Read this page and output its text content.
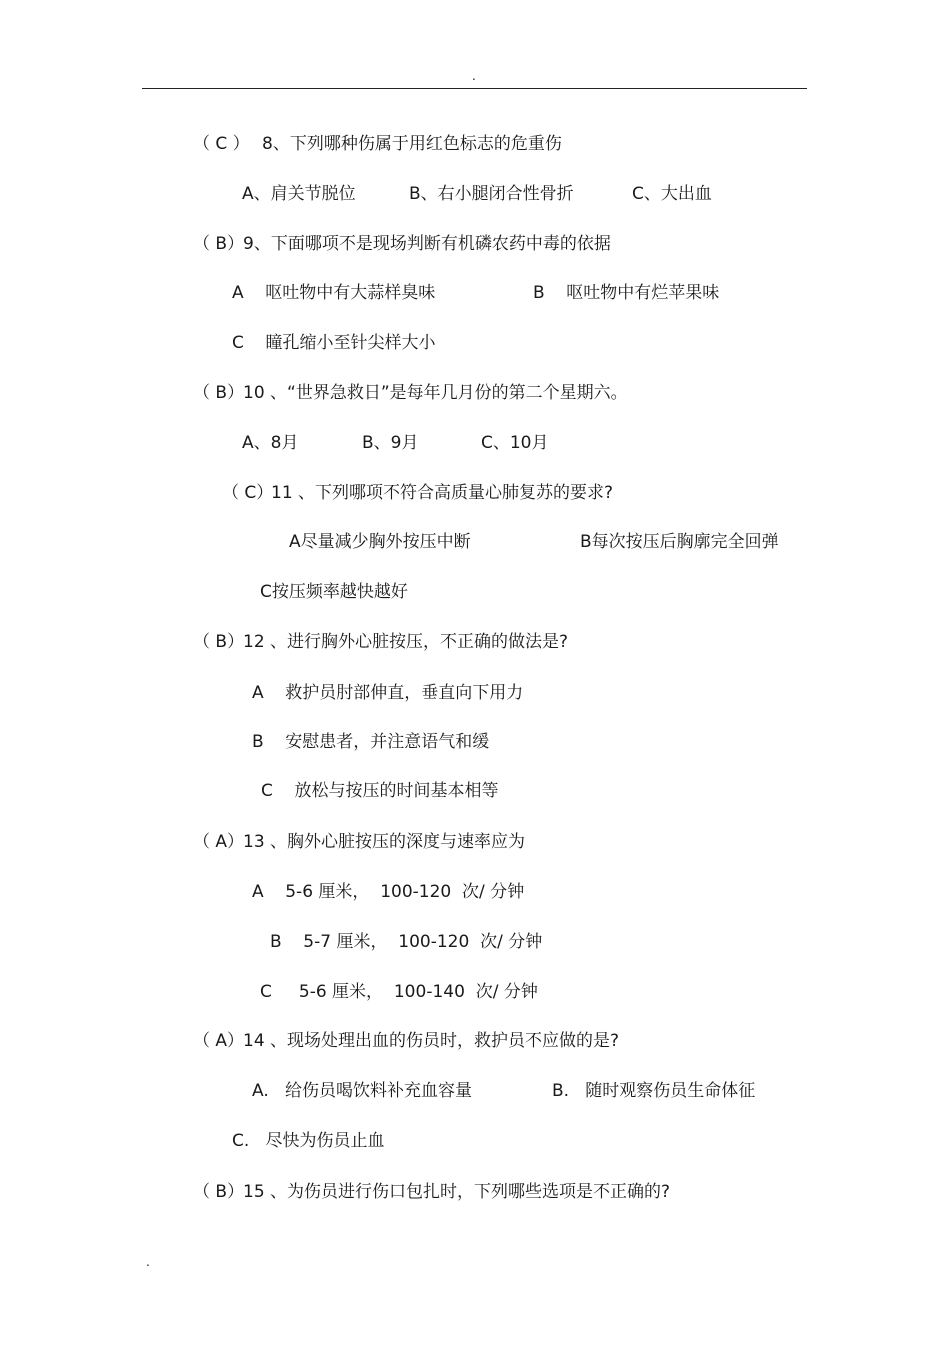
.
（ C ） 8、下列哪种伤属于用红色标志的危重伤
A、肩关节脱位	B、右小腿闭合性骨折	C、大出血
（ B）
9、下面哪项不是现场判断有机磷农药中毒的依据
A    呕吐物中有大蒜样臭味	B    呕吐物中有烂苹果味
C    瞳孔缩小至针尖样大小
（ B）
10 、“世界急救日”是每年几月份的第二个星期六。
A、8月	B、9月	C、10月
（ C）
11 、下列哪项不符合高质量心肺复苏的要求?
A尽量减少胸外按压中断	B每次按压后胸廓完全回弹
C按压频率越快越好
（ B）
12 、进行胸外心脏按压，不正确的做法是?
A    救护员肘部伸直，垂直向下用力
B    安慰患者，并注意语气和缓
C    放松与按压的时间基本相等
（ A）
13 、胸外心脏按压的深度与速率应为
A    5-6 厘米，  100-120  次/ 分钟
B    5-7 厘米，  100-120  次/ 分钟
C     5-6 厘米，  100-140  次/ 分钟
（ A）
14 、现场处理出血的伤员时，救护员不应做的是?
A.   给伤员喝饮料补充血容量	B.   随时观察伤员生命体征
C.   尽快为伤员止血
（ B）
15 、为伤员进行伤口包扎时，下列哪些选项是不正确的?
.
